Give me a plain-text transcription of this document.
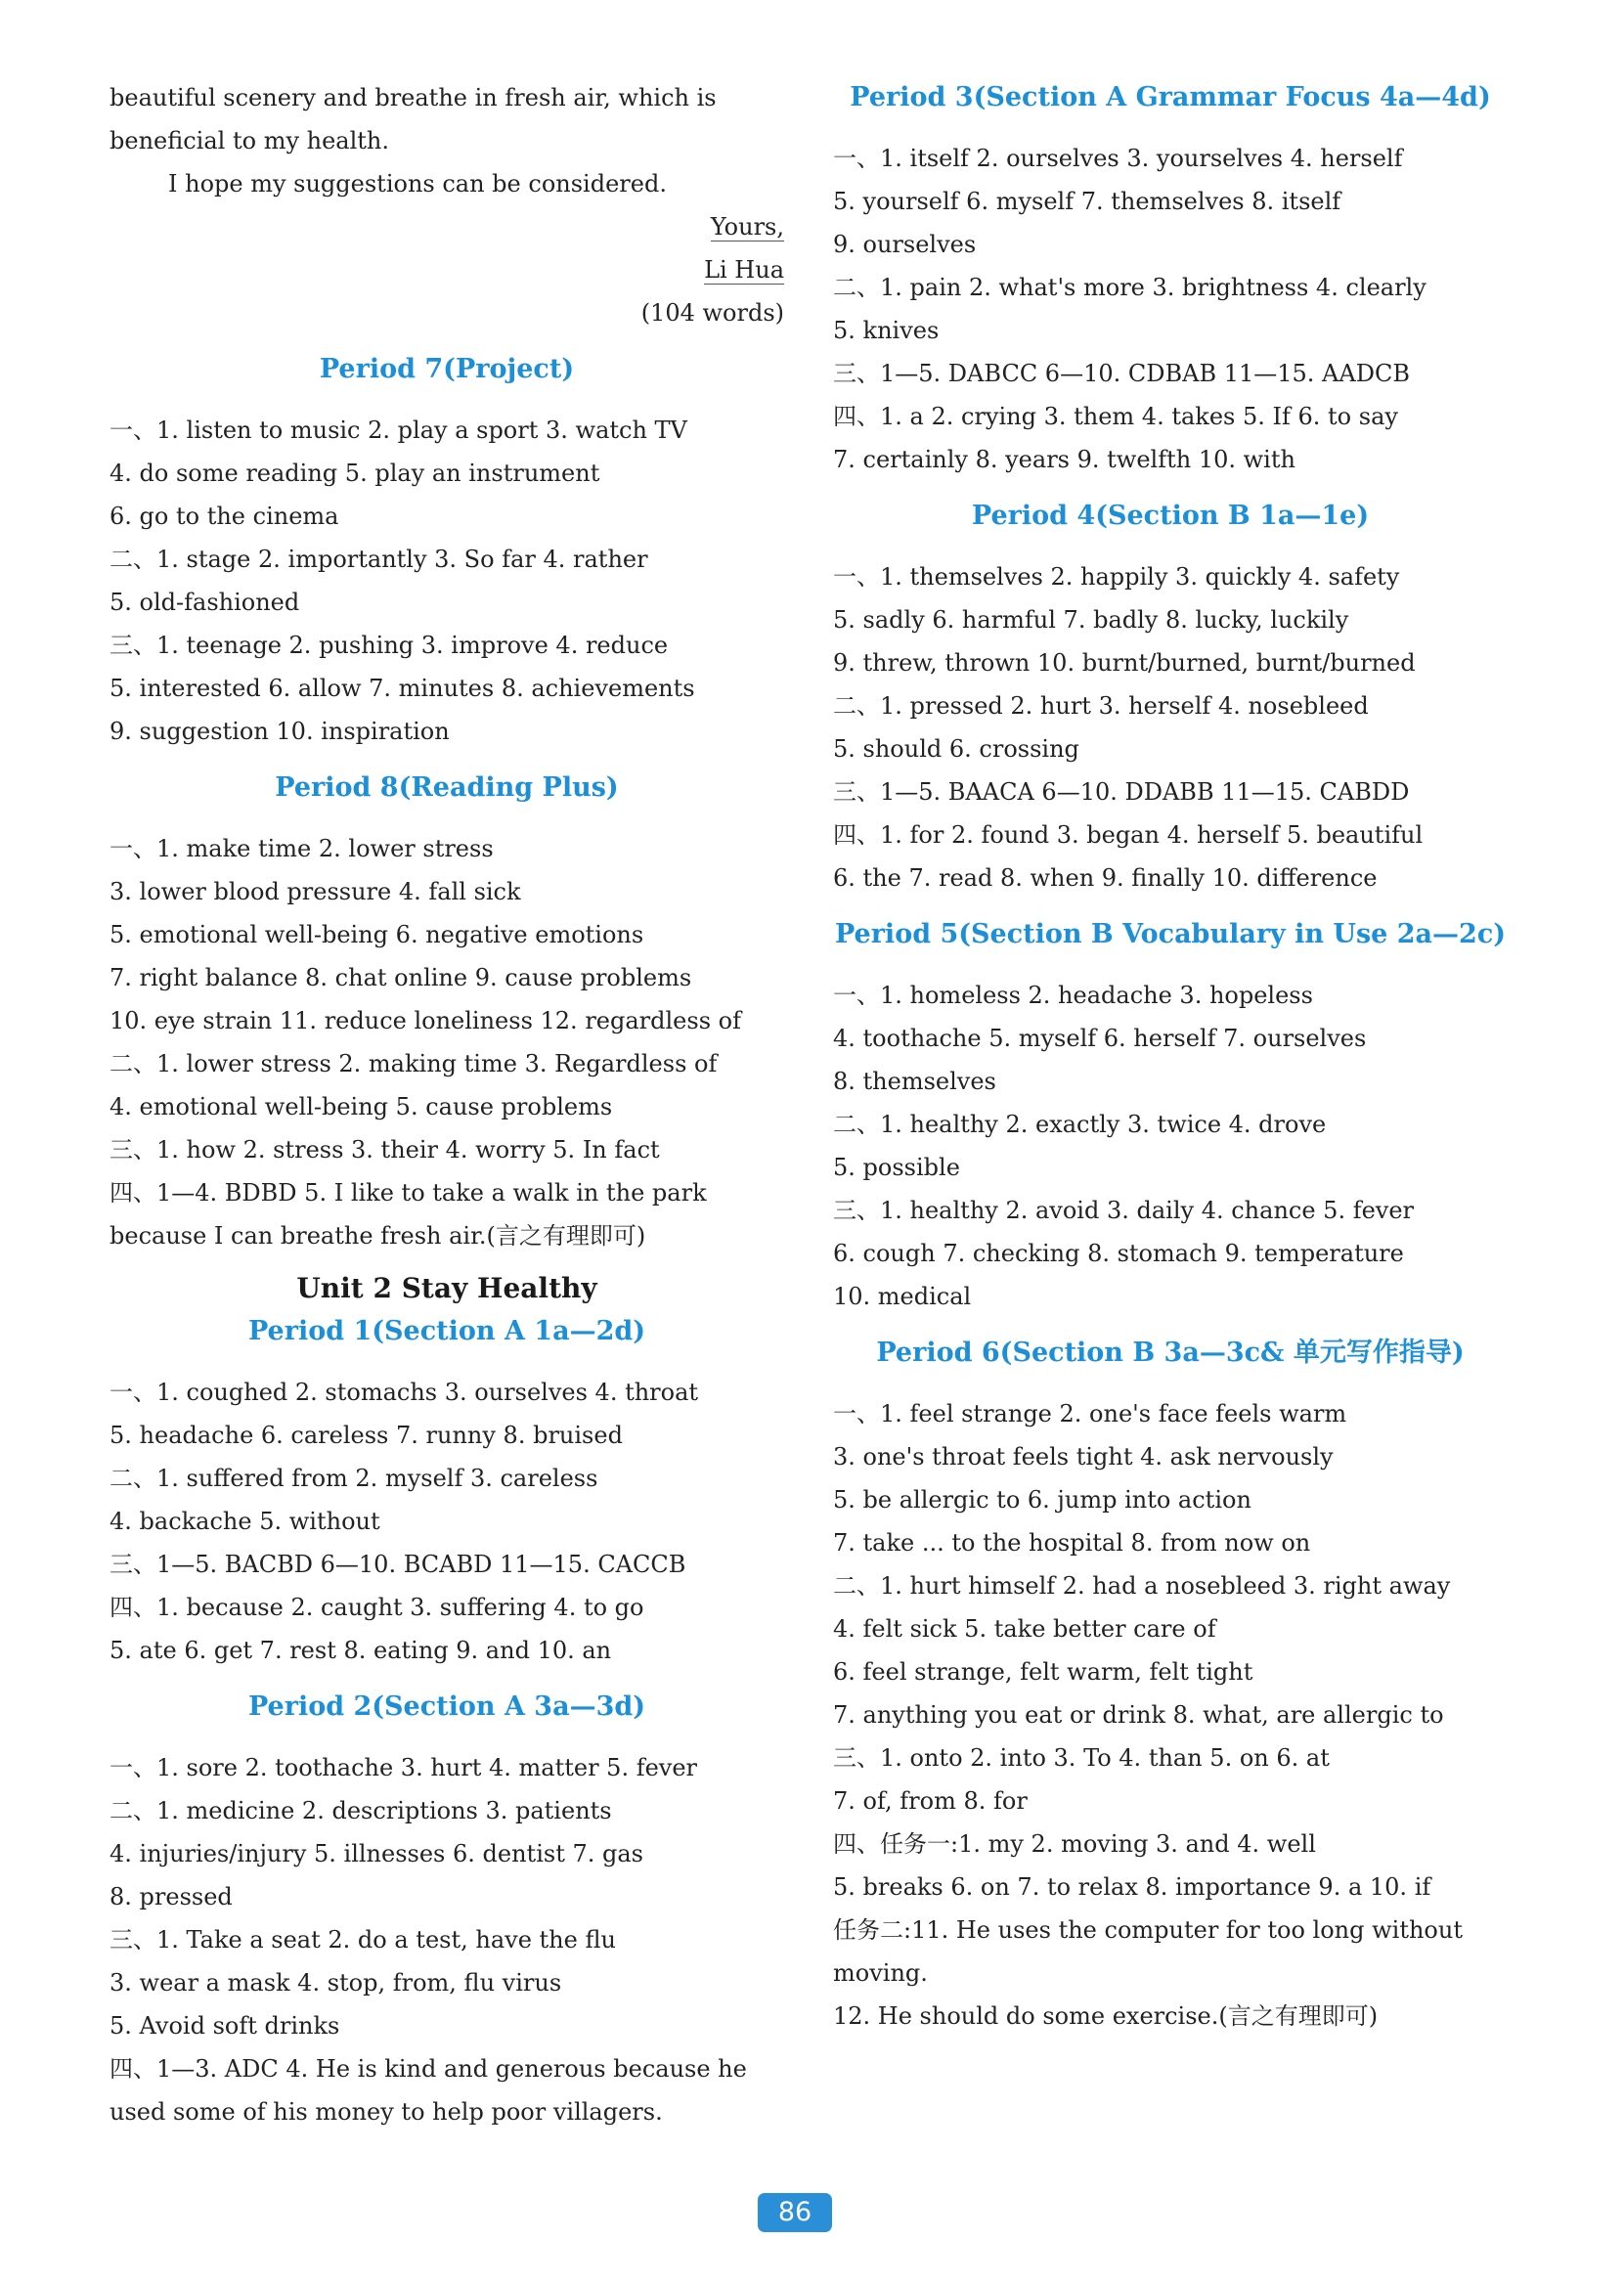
beautiful scenery and breathe in fresh air, which is beneficial to my health.
I hope my suggestions can be considered.
Yours,
Li Hua
(104 words)
Period 7(Project)
一、1. listen to music 2. play a sport 3. watch TV
4. do some reading 5. play an instrument
6. go to the cinema
二、1. stage 2. importantly 3. So far 4. rather
5. old-fashioned
三、1. teenage 2. pushing 3. improve 4. reduce
5. interested 6. allow 7. minutes 8. achievements
9. suggestion 10. inspiration
Period 8(Reading Plus)
一、1. make time 2. lower stress
3. lower blood pressure 4. fall sick
5. emotional well-being 6. negative emotions
7. right balance 8. chat online 9. cause problems
10. eye strain 11. reduce loneliness 12. regardless of
二、1. lower stress 2. making time 3. Regardless of
4. emotional well-being 5. cause problems
三、1. how 2. stress 3. their 4. worry 5. In fact
四、1—4. BDBD 5. I like to take a walk in the park
because I can breathe fresh air.(言之有理即可)
Unit 2 Stay Healthy
Period 1(Section A 1a—2d)
一、1. coughed 2. stomachs 3. ourselves 4. throat
5. headache 6. careless 7. runny 8. bruised
二、1. suffered from 2. myself 3. careless
4. backache 5. without
三、1—5. BACBD 6—10. BCABD 11—15. CACCB
四、1. because 2. caught 3. suffering 4. to go
5. ate 6. get 7. rest 8. eating 9. and 10. an
Period 2(Section A 3a—3d)
一、1. sore 2. toothache 3. hurt 4. matter 5. fever
二、1. medicine 2. descriptions 3. patients
4. injuries/injury 5. illnesses 6. dentist 7. gas
8. pressed
三、1. Take a seat 2. do a test, have the flu
3. wear a mask 4. stop, from, flu virus
5. Avoid soft drinks
四、1—3. ADC 4. He is kind and generous because he
used some of his money to help poor villagers.
Period 3(Section A Grammar Focus 4a—4d)
一、1. itself 2. ourselves 3. yourselves 4. herself
5. yourself 6. myself 7. themselves 8. itself
9. ourselves
二、1. pain 2. what's more 3. brightness 4. clearly
5. knives
三、1—5. DABCC 6—10. CDBAB 11—15. AADCB
四、1. a 2. crying 3. them 4. takes 5. If 6. to say
7. certainly 8. years 9. twelfth 10. with
Period 4(Section B 1a—1e)
一、1. themselves 2. happily 3. quickly 4. safety
5. sadly 6. harmful 7. badly 8. lucky, luckily
9. threw, thrown 10. burnt/burned, burnt/burned
二、1. pressed 2. hurt 3. herself 4. nosebleed
5. should 6. crossing
三、1—5. BAACA 6—10. DDABB 11—15. CABDD
四、1. for 2. found 3. began 4. herself 5. beautiful
6. the 7. read 8. when 9. finally 10. difference
Period 5(Section B Vocabulary in Use 2a—2c)
一、1. homeless 2. headache 3. hopeless
4. toothache 5. myself 6. herself 7. ourselves
8. themselves
二、1. healthy 2. exactly 3. twice 4. drove
5. possible
三、1. healthy 2. avoid 3. daily 4. chance 5. fever
6. cough 7. checking 8. stomach 9. temperature
10. medical
Period 6(Section B 3a—3c& 单元写作指导)
一、1. feel strange 2. one's face feels warm
3. one's throat feels tight 4. ask nervously
5. be allergic to 6. jump into action
7. take ... to the hospital 8. from now on
二、1. hurt himself 2. had a nosebleed 3. right away
4. felt sick 5. take better care of
6. feel strange, felt warm, felt tight
7. anything you eat or drink 8. what, are allergic to
三、1. onto 2. into 3. To 4. than 5. on 6. at
7. of, from 8. for
四、任务一:1. my 2. moving 3. and 4. well
5. breaks 6. on 7. to relax 8. importance 9. a 10. if
任务二:11. He uses the computer for too long without
moving.
12. He should do some exercise.(言之有理即可)
86
